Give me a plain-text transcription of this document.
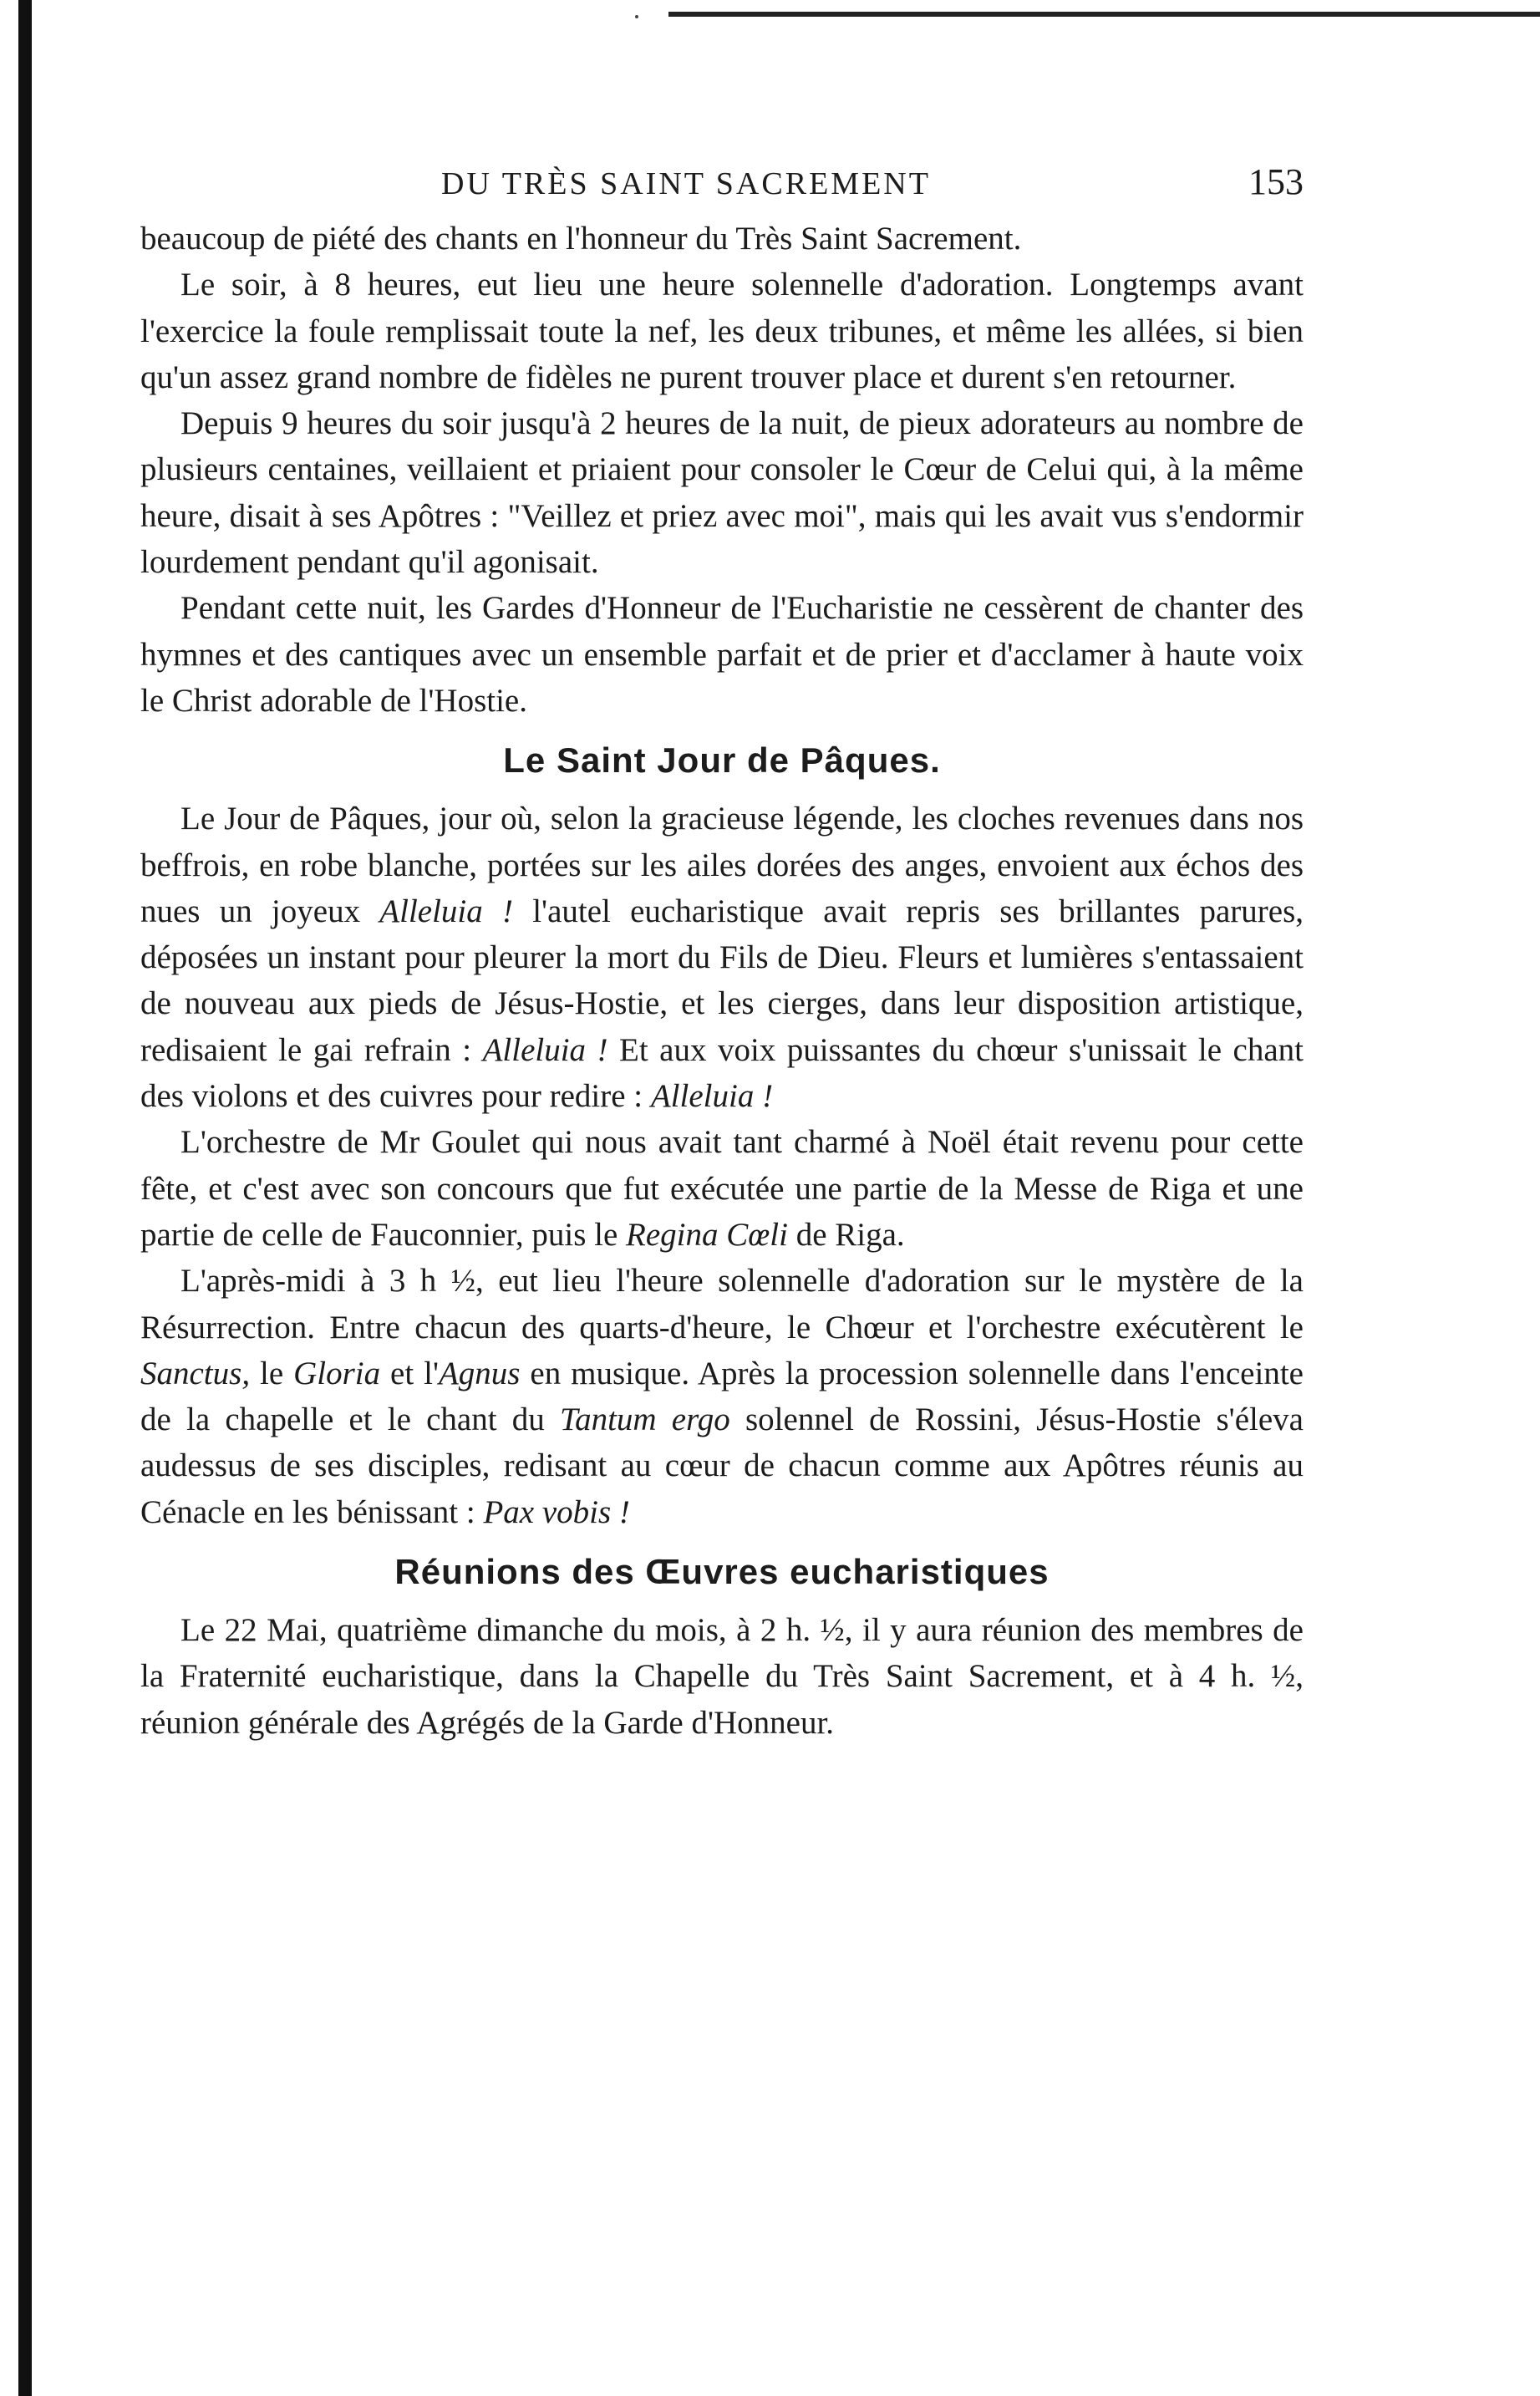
DU TRÈS SAINT SACREMENT	153

beaucoup de piété des chants en l'honneur du Très Saint Sacrement.

Le soir, à 8 heures, eut lieu une heure solennelle d'adoration. Longtemps avant l'exercice la foule remplissait toute la nef, les deux tribunes, et même les allées, si bien qu'un assez grand nombre de fidèles ne purent trouver place et durent s'en retourner.

Depuis 9 heures du soir jusqu'à 2 heures de la nuit, de pieux adorateurs au nombre de plusieurs centaines, veillaient et priaient pour consoler le Cœur de Celui qui, à la même heure, disait à ses Apôtres : "Veillez et priez avec moi", mais qui les avait vus s'endormir lourdement pendant qu'il agonisait.

Pendant cette nuit, les Gardes d'Honneur de l'Eucharistie ne cessèrent de chanter des hymnes et des cantiques avec un ensemble parfait et de prier et d'acclamer à haute voix le Christ adorable de l'Hostie.

Le Saint Jour de Pâques.

Le Jour de Pâques, jour où, selon la gracieuse légende, les cloches revenues dans nos beffrois, en robe blanche, portées sur les ailes dorées des anges, envoient aux échos des nues un joyeux Alleluia ! l'autel eucharistique avait repris ses brillantes parures, déposées un instant pour pleurer la mort du Fils de Dieu. Fleurs et lumières s'entassaient de nouveau aux pieds de Jésus-Hostie, et les cierges, dans leur disposition artistique, redisaient le gai refrain : Alleluia ! Et aux voix puissantes du chœur s'unissait le chant des violons et des cuivres pour redire : Alleluia !

L'orchestre de Mr Goulet qui nous avait tant charmé à Noël était revenu pour cette fête, et c'est avec son concours que fut exécutée une partie de la Messe de Riga et une partie de celle de Fauconnier, puis le Regina Cœli de Riga.

L'après-midi à 3 h ½, eut lieu l'heure solennelle d'adoration sur le mystère de la Résurrection. Entre chacun des quarts-d'heure, le Chœur et l'orchestre exécutèrent le Sanctus, le Gloria et l'Agnus en musique. Après la procession solennelle dans l'enceinte de la chapelle et le chant du Tantum ergo solennel de Rossini, Jésus-Hostie s'éleva audessus de ses disciples, redisant au cœur de chacun comme aux Apôtres réunis au Cénacle en les bénissant : Pax vobis !

Réunions des Œuvres eucharistiques

Le 22 Mai, quatrième dimanche du mois, à 2 h. ½, il y aura réunion des membres de la Fraternité eucharistique, dans la Chapelle du Très Saint Sacrement, et à 4 h. ½, réunion générale des Agrégés de la Garde d'Honneur.
